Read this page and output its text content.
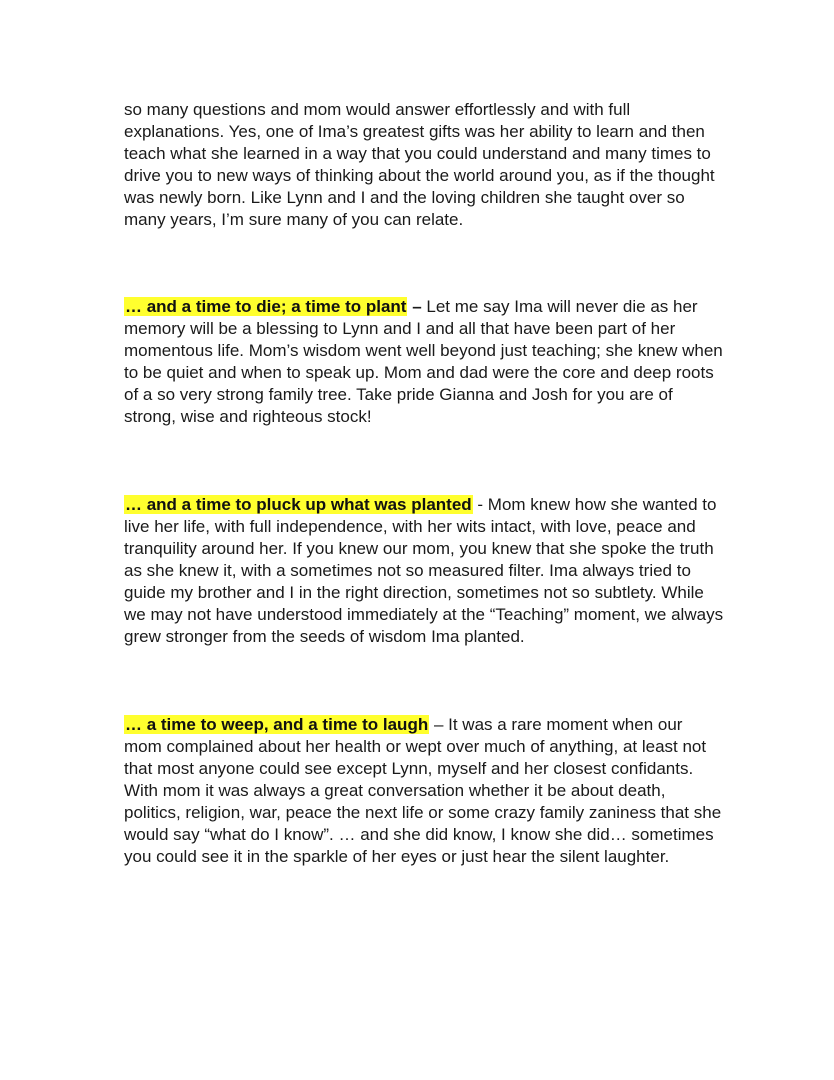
so many questions and mom would answer effortlessly and with full explanations. Yes, one of Ima’s greatest gifts was her ability to learn and then teach what she learned in a way that you could understand and many times to drive you to new ways of thinking about the world around you, as if the thought was newly born. Like Lynn and I and the loving children she taught over so many years, I’m sure many of you can relate.

… and a time to die; a time to plant – Let me say Ima will never die as her memory will be a blessing to Lynn and I and all that have been part of her momentous life. Mom’s wisdom went well beyond just teaching; she knew when to be quiet and when to speak up. Mom and dad were the core and deep roots of a so very strong family tree. Take pride Gianna and Josh for you are of strong, wise and righteous stock!

… and a time to pluck up what was planted - Mom knew how she wanted to live her life, with full independence, with her wits intact, with love, peace and tranquility around her. If you knew our mom, you knew that she spoke the truth as she knew it, with a sometimes not so measured filter. Ima always tried to guide my brother and I in the right direction, sometimes not so subtlety. While we may not have understood immediately at the “Teaching” moment, we always grew stronger from the seeds of wisdom Ima planted.

… a time to weep, and a time to laugh – It was a rare moment when our mom complained about her health or wept over much of anything, at least not that most anyone could see except Lynn, myself and her closest confidants. With mom it was always a great conversation whether it be about death, politics, religion, war, peace the next life or some crazy family zaniness that she would say “what do I know”. … and she did know, I know she did… sometimes you could see it in the sparkle of her eyes or just hear the silent laughter.
